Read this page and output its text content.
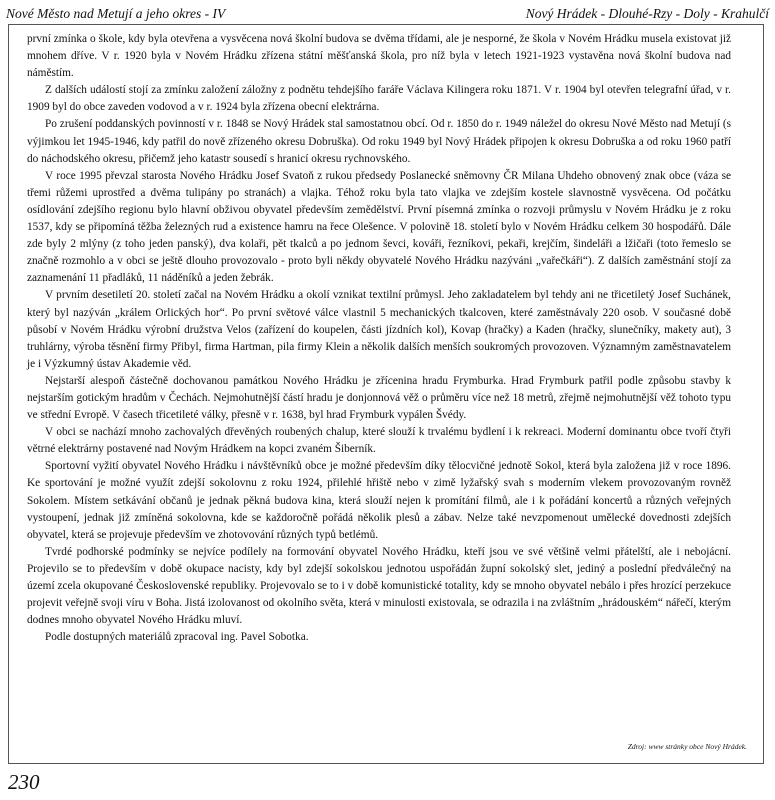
Nové Město nad Metují a jeho okres - IV	Nový Hrádek - Dlouhé-Rzy - Doly - Krahulčí

první zmínka o škole, kdy byla otevřena a vysvěcena nová školní budova se dvěma třídami, ale je nesporné, že škola v Novém Hrádku musela existovat již mnohem dříve. V r. 1920 byla v Novém Hrádku zřízena státní měšťanská škola, pro níž byla v letech 1921-1923 vystavěna nová školní budova nad náměstím.

Z dalších událostí stojí za zmínku založení záložny z podnětu tehdejšího faráře Václava Kilingera roku 1871. V r. 1904 byl otevřen telegrafní úřad, v r. 1909 byl do obce zaveden vodovod a v r. 1924 byla zřízena obecní elektrárna.

Po zrušení poddanských povinností v r. 1848 se Nový Hrádek stal samostatnou obcí. Od r. 1850 do r. 1949 náležel do okresu Nové Město nad Metují (s výjimkou let 1945-1946, kdy patřil do nově zřízeného okresu Dobruška). Od roku 1949 byl Nový Hrádek připojen k okresu Dobruška a od roku 1960 patří do náchodského okresu, přičemž jeho katastr sousedí s hranicí okresu rychnovského.

V roce 1995 převzal starosta Nového Hrádku Josef Svatoň z rukou předsedy Poslanecké sněmovny ČR Milana Uhdeho obnovený znak obce (váza se třemi růžemi uprostřed a dvěma tulipány po stranách) a vlajka. Téhož roku byla tato vlajka ve zdejším kostele slavnostně vysvěcena. Od počátku osídlování zdejšího regionu bylo hlavní obživou obyvatel především zemědělství. První písemná zmínka o rozvoji průmyslu v Novém Hrádku je z roku 1537, kdy se připomíná těžba železných rud a existence hamru na řece Olešence. V polovině 18. století bylo v Novém Hrádku celkem 30 hospodářů. Dále zde byly 2 mlýny (z toho jeden panský), dva kolaři, pět tkalců a po jednom ševci, kováři, řezníkovi, pekaři, krejčím, šindeláři a lžičaři (toto řemeslo se značně rozmohlo a v obci se ještě dlouho provozovalo - proto byli někdy obyvatelé Nového Hrádku nazýváni „vařečkáři“). Z dalších zaměstnání stojí za zaznamenání 11 přadláků, 11 náděníků a jeden žebrák.

V prvním desetiletí 20. století začal na Novém Hrádku a okolí vznikat textilní průmysl. Jeho zakladatelem byl tehdy ani ne třicetiletý Josef Suchánek, který byl nazýván „králem Orlických hor“. Po první světové válce vlastnil 5 mechanických tkalcoven, které zaměstnávaly 220 osob. V současné době působí v Novém Hrádku výrobní družstva Velos (zařízení do koupelen, části jízdních kol), Kovap (hračky) a Kaden (hračky, slunečníky, makety aut), 3 truhlárny, výroba těsnění firmy Přibyl, firma Hartman, pila firmy Klein a několik dalších menších soukromých provozoven. Významným zaměstnavatelem je i Výzkumný ústav Akademie věd.

Nejstarší alespoň částečně dochovanou památkou Nového Hrádku je zřícenina hradu Frymburka. Hrad Frymburk patřil podle způsobu stavby k nejstarším gotickým hradům v Čechách. Nejmohutnější částí hradu je donjonnová věž o průměru více než 18 metrů, zřejmě nejmohutnější věž tohoto typu ve střední Evropě. V časech třicetileté války, přesně v r. 1638, byl hrad Frymburk vypálen Švédy.

V obci se nachází mnoho zachovalých dřevěných roubených chalup, které slouží k trvalému bydlení i k rekreaci. Moderní dominantu obce tvoří čtyři větrné elektrárny postavené nad Novým Hrádkem na kopci zvaném Šiberník.

Sportovní vyžití obyvatel Nového Hrádku i návštěvníků obce je možné především díky tělocvičné jednotě Sokol, která byla založena již v roce 1896. Ke sportování je možné využít zdejší sokolovnu z roku 1924, přilehlé hřiště nebo v zimě lyžařský svah s moderním vlekem provozovaným rovněž Sokolem. Místem setkávání občanů je jednak pěkná budova kina, která slouží nejen k promítání filmů, ale i k pořádání koncertů a různých veřejných vystoupení, jednak již zmíněná sokolovna, kde se každoročně pořádá několik plesů a zábav. Nelze také nevzpomenout umělecké dovednosti zdejších obyvatel, která se projevuje především ve zhotovování různých typů betlémů.

Tvrdé podhorské podmínky se nejvíce podílely na formování obyvatel Nového Hrádku, kteří jsou ve své většině velmi přátelští, ale i nebojácní. Projevilo se to především v době okupace nacisty, kdy byl zdejší sokolskou jednotou uspořádán župní sokolský slet, jediný a poslední předválečný na území zcela okupované Československé republiky. Projevovalo se to i v době komunistické totality, kdy se mnoho obyvatel nebálo i přes hrozící perzekuce projevit veřejně svoji víru v Boha. Jistá izolovanost od okolního světa, která v minulosti existovala, se odrazila i na zvláštním „hrádouském“ nářečí, kterým dodnes mnoho obyvatel Nového Hrádku mluví.

Podle dostupných materiálů zpracoval ing. Pavel Sobotka.

Zdroj: www stránky obce Nový Hrádek.
230
